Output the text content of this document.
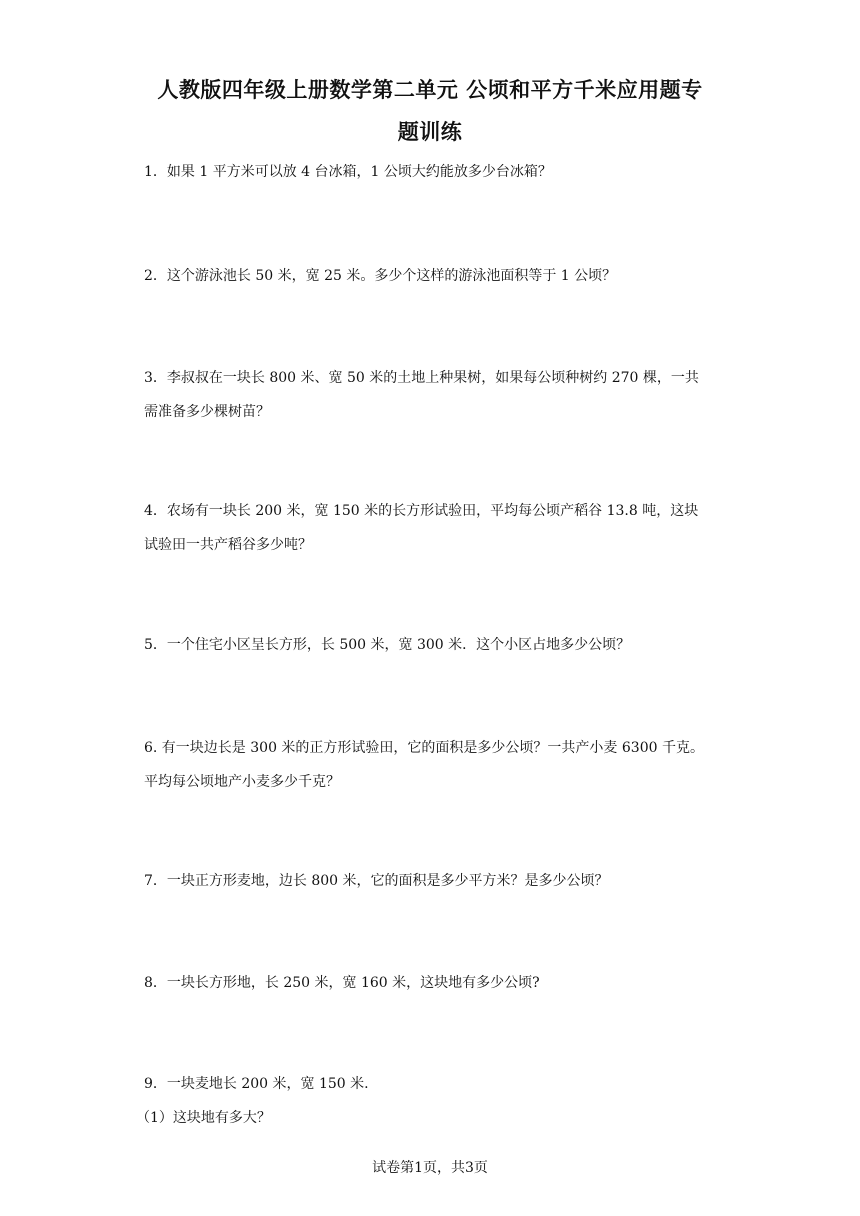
人教版四年级上册数学第二单元 公顷和平方千米应用题专
题训练
1．如果 1 平方米可以放 4 台冰箱，1 公顷大约能放多少台冰箱？
2．这个游泳池长 50 米，宽 25 米。多少个这样的游泳池面积等于 1 公顷？
3．李叔叔在一块长 800 米、宽 50 米的土地上种果树，如果每公顷种树约 270 棵，一共
需准备多少棵树苗？
4．农场有一块长 200 米，宽 150 米的长方形试验田，平均每公顷产稻谷 13.8 吨，这块
试验田一共产稻谷多少吨？
5．一个住宅小区呈长方形，长 500 米，宽 300 米．这个小区占地多少公顷？
6. 有一块边长是 300 米的正方形试验田，它的面积是多少公顷？一共产小麦 6300 千克。
平均每公顷地产小麦多少千克？
7．一块正方形麦地，边长 800 米，它的面积是多少平方米？是多少公顷？
8．一块长方形地，长 250 米，宽 160 米，这块地有多少公顷?
9．一块麦地长 200 米，宽 150 米.
（1）这块地有多大？
试卷第1页，共3页
